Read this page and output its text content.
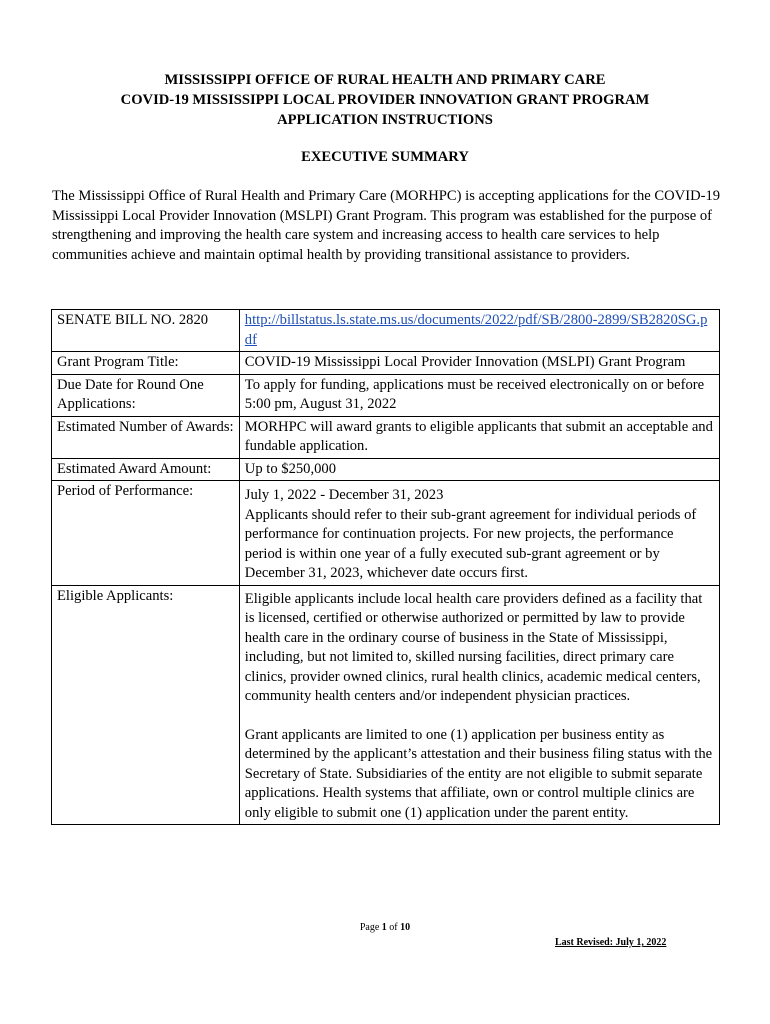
MISSISSIPPI OFFICE OF RURAL HEALTH AND PRIMARY CARE
COVID-19 MISSISSIPPI LOCAL PROVIDER INNOVATION GRANT PROGRAM
APPLICATION INSTRUCTIONS
EXECUTIVE SUMMARY
The Mississippi Office of Rural Health and Primary Care (MORHPC) is accepting applications for the COVID-19 Mississippi Local Provider Innovation (MSLPI) Grant Program. This program was established for the purpose of strengthening and improving the health care system and increasing access to health care services to help communities achieve and maintain optimal health by providing transitional assistance to providers.
SENATE BILL NO. 2820	http://billstatus.ls.state.ms.us/documents/2022/pdf/SB/2800-2899/SB2820SG.pdf
Grant Program Title:	COVID-19 Mississippi Local Provider Innovation (MSLPI) Grant Program
Due Date for Round One Applications:	To apply for funding, applications must be received electronically on or before 5:00 pm, August 31, 2022
Estimated Number of Awards:	MORHPC will award grants to eligible applicants that submit an acceptable and fundable application.
Estimated Award Amount:	Up to $250,000
Period of Performance:	July 1, 2022 - December 31, 2023
Applicants should refer to their sub-grant agreement for individual periods of performance for continuation projects. For new projects, the performance period is within one year of a fully executed sub-grant agreement or by December 31, 2023, whichever date occurs first.
Eligible Applicants:	Eligible applicants include local health care providers defined as a facility that is licensed, certified or otherwise authorized or permitted by law to provide health care in the ordinary course of business in the State of Mississippi, including, but not limited to, skilled nursing facilities, direct primary care clinics, provider owned clinics, rural health clinics, academic medical centers, community health centers and/or independent physician practices.
Grant applicants are limited to one (1) application per business entity as determined by the applicant’s attestation and their business filing status with the Secretary of State. Subsidiaries of the entity are not eligible to submit separate applications. Health systems that affiliate, own or control multiple clinics are only eligible to submit one (1) application under the parent entity.
Page 1 of 10
Last Revised: July 1, 2022
